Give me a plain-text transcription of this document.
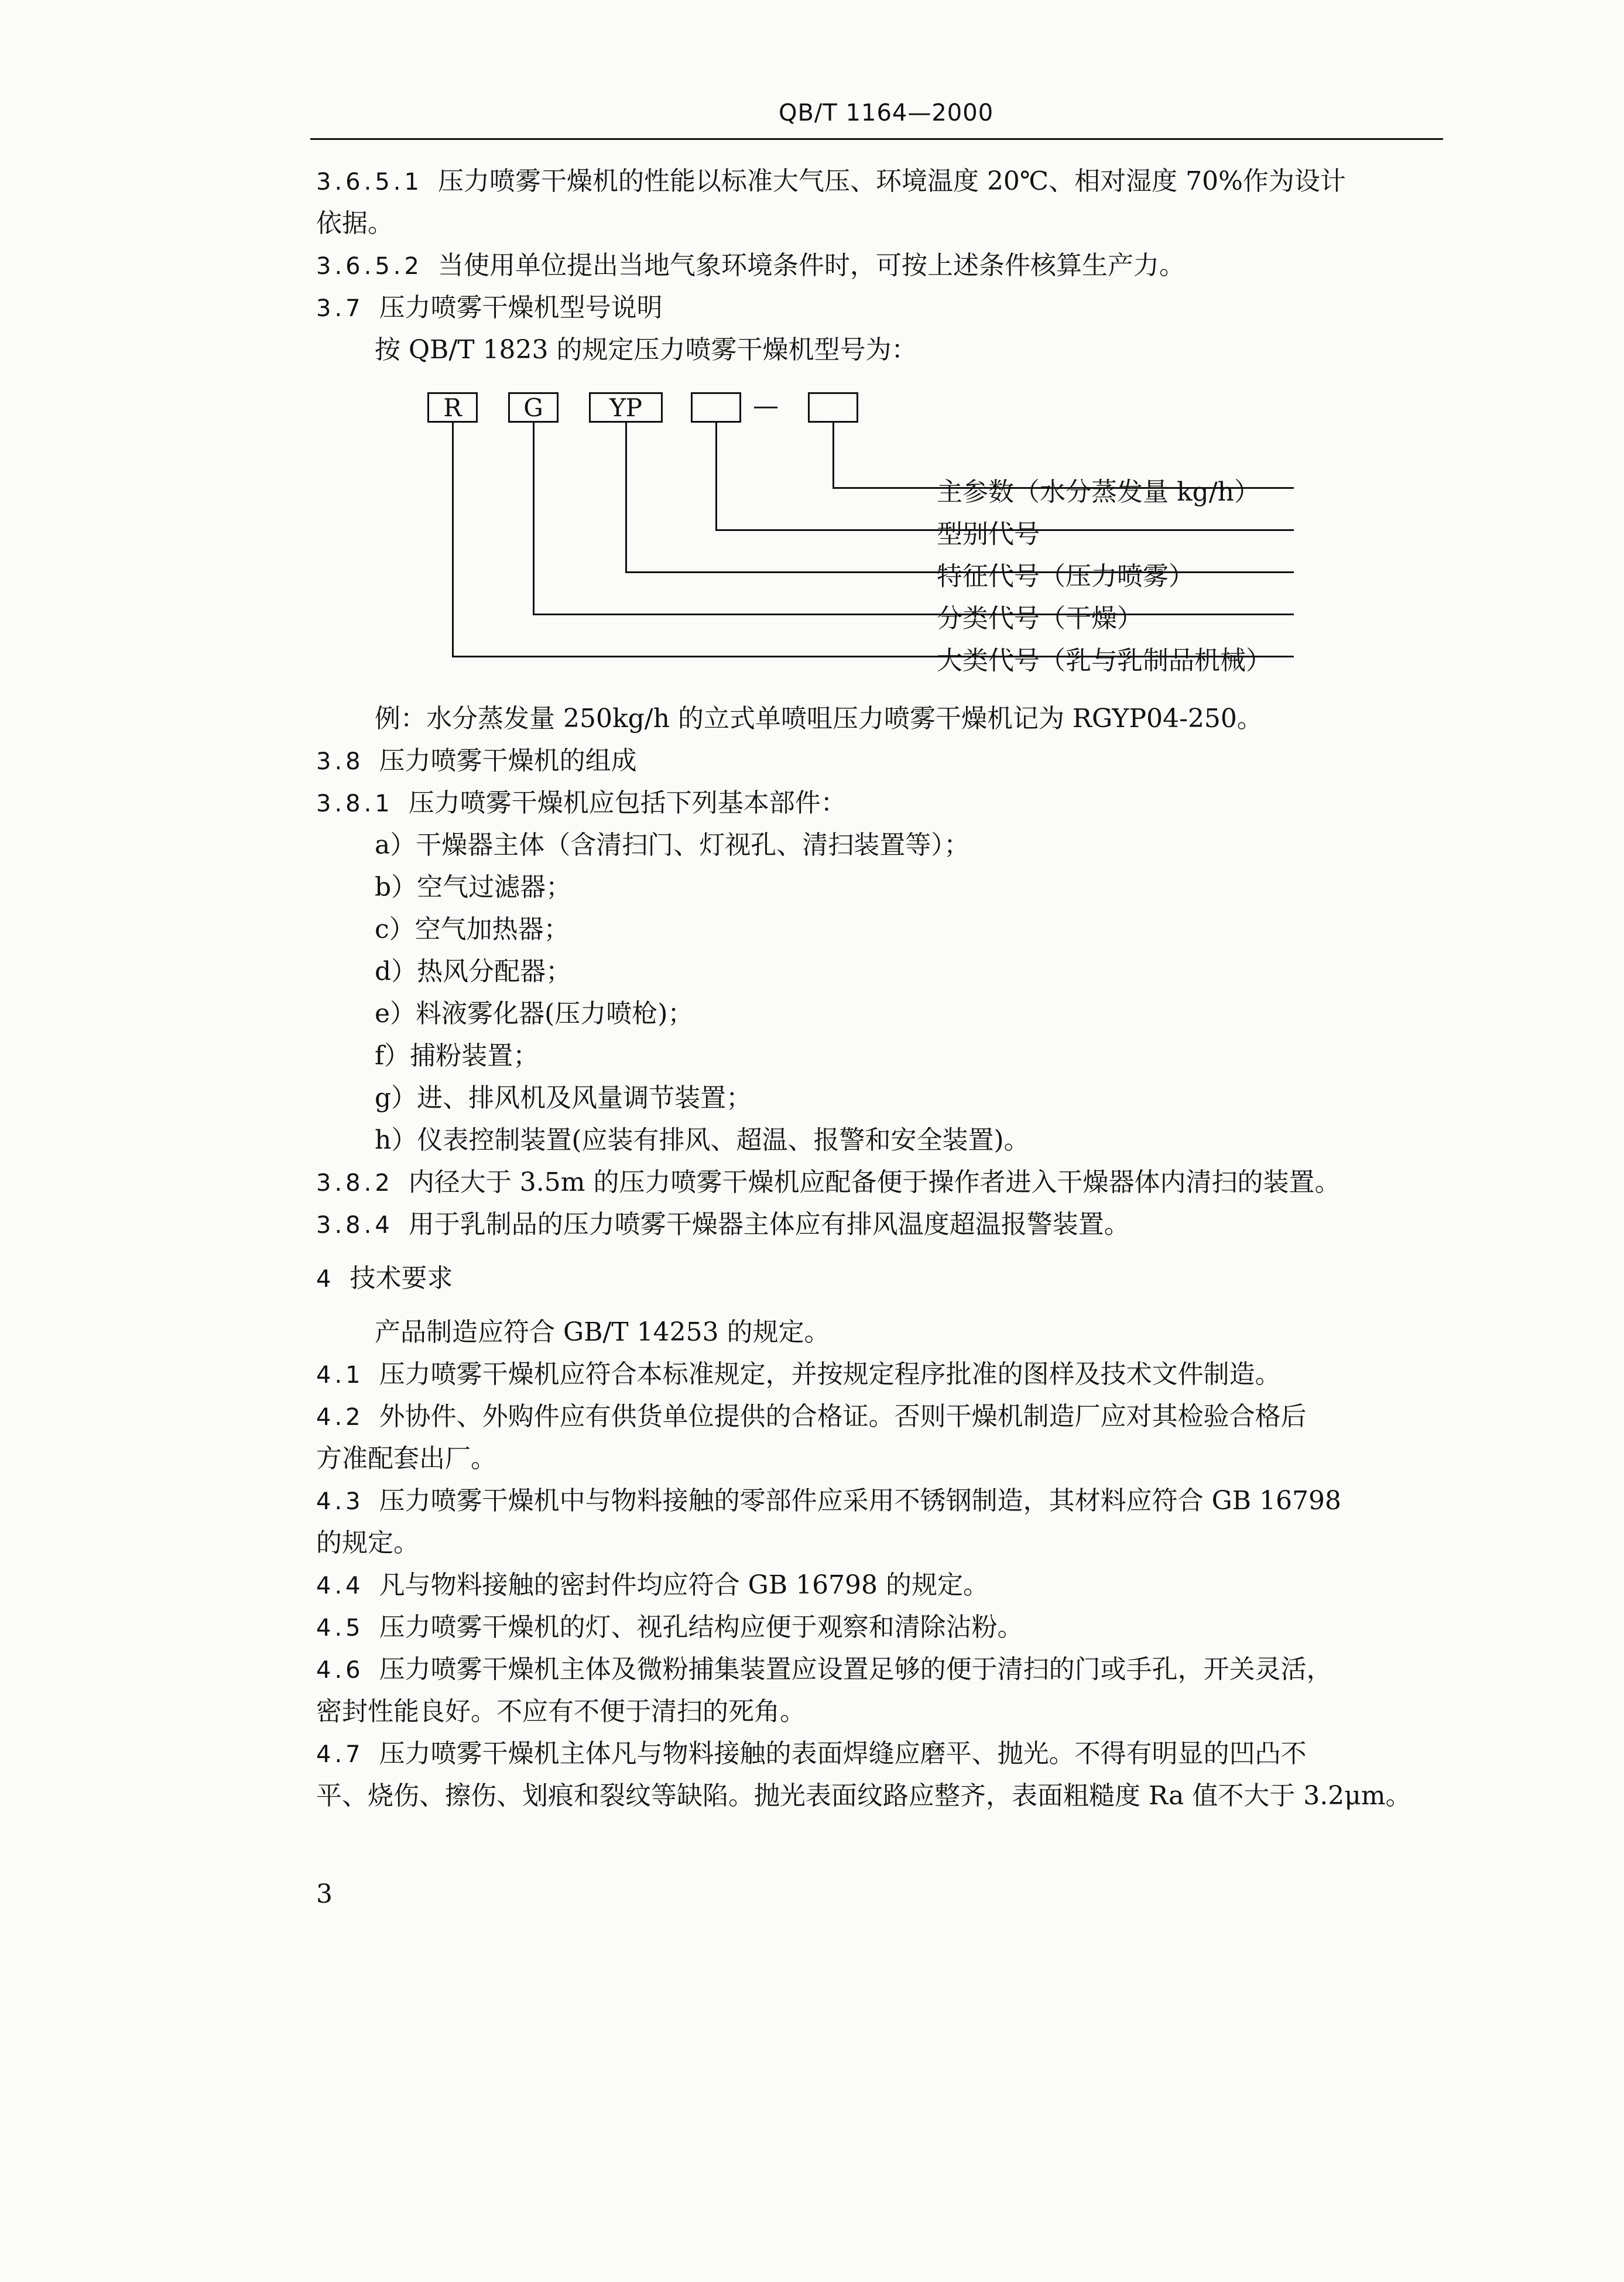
QB/T 1164—2000
3.6.5.1 压力喷雾干燥机的性能以标准大气压、环境温度 20℃、相对湿度 70%作为设计
依据。
3.6.5.2 当使用单位提出当地气象环境条件时，可按上述条件核算生产力。
3.7 压力喷雾干燥机型号说明
按 QB/T 1823 的规定压力喷雾干燥机型号为：
R	G	YP	—
主参数（水分蒸发量 kg/h）
型别代号
特征代号（压力喷雾）
分类代号（干燥）
大类代号（乳与乳制品机械）
例：水分蒸发量 250kg/h 的立式单喷咀压力喷雾干燥机记为 RGYP04-250。
3.8 压力喷雾干燥机的组成
3.8.1 压力喷雾干燥机应包括下列基本部件：
a）干燥器主体（含清扫门、灯视孔、清扫装置等）；
b）空气过滤器；
c）空气加热器；
d）热风分配器；
e）料液雾化器(压力喷枪)；
f）捕粉装置；
g）进、排风机及风量调节装置；
h）仪表控制装置(应装有排风、超温、报警和安全装置)。
3.8.2 内径大于 3.5m 的压力喷雾干燥机应配备便于操作者进入干燥器体内清扫的装置。
3.8.4 用于乳制品的压力喷雾干燥器主体应有排风温度超温报警装置。
4 技术要求
产品制造应符合 GB/T 14253 的规定。
4.1 压力喷雾干燥机应符合本标准规定，并按规定程序批准的图样及技术文件制造。
4.2 外协件、外购件应有供货单位提供的合格证。否则干燥机制造厂应对其检验合格后
方准配套出厂。
4.3 压力喷雾干燥机中与物料接触的零部件应采用不锈钢制造，其材料应符合 GB 16798
的规定。
4.4 凡与物料接触的密封件均应符合 GB 16798 的规定。
4.5 压力喷雾干燥机的灯、视孔结构应便于观察和清除沾粉。
4.6 压力喷雾干燥机主体及微粉捕集装置应设置足够的便于清扫的门或手孔，开关灵活，
密封性能良好。不应有不便于清扫的死角。
4.7 压力喷雾干燥机主体凡与物料接触的表面焊缝应磨平、抛光。不得有明显的凹凸不
平、烧伤、擦伤、划痕和裂纹等缺陷。抛光表面纹路应整齐，表面粗糙度 Ra 值不大于 3.2μm。
3
